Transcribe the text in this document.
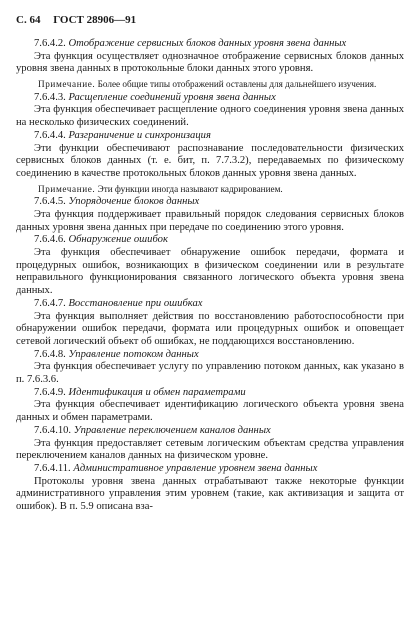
С. 64 ГОСТ 28906—91

7.6.4.2. Отображение сервисных блоков данных уровня звена данных

Эта функция осуществляет однозначное отображение сервисных блоков данных уровня звена данных в протокольные блоки данных этого уровня.

Примечание. Более общие типы отображений оставлены для дальнейшего изучения.

7.6.4.3. Расщепление соединений уровня звена данных

Эта функция обеспечивает расщепление одного соединения уровня звена данных на несколько физических соединений.

7.6.4.4. Разграничение и синхронизация

Эти функции обеспечивают распознавание последовательности физических сервисных блоков данных (т. е. бит, п. 7.7.3.2), передаваемых по физическому соединению в качестве протокольных блоков данных уровня звена данных.

Примечание. Эти функции иногда называют кадрированием.

7.6.4.5. Упорядочение блоков данных

Эта функция поддерживает правильный порядок следования сервисных блоков данных уровня звена данных при передаче по соединению этого уровня.

7.6.4.6. Обнаружение ошибок

Эта функция обеспечивает обнаружение ошибок передачи, формата и процедурных ошибок, возникающих в физическом соединении или в результате неправильного функционирования связанного логического объекта уровня звена данных.

7.6.4.7. Восстановление при ошибках

Эта функция выполняет действия по восстановлению работоспособности при обнаружении ошибок передачи, формата или процедурных ошибок и оповещает сетевой логический объект об ошибках, не поддающихся восстановлению.

7.6.4.8. Управление потоком данных

Эта функция обеспечивает услугу по управлению потоком данных, как указано в п. 7.6.3.6.

7.6.4.9. Идентификация и обмен параметрами

Эта функция обеспечивает идентификацию логического объекта уровня звена данных и обмен параметрами.

7.6.4.10. Управление переключением каналов данных

Эта функция предоставляет сетевым логическим объектам средства управления переключением каналов данных на физическом уровне.

7.6.4.11. Административное управление уровнем звена данных

Протоколы уровня звена данных отрабатывают также некоторые функции административного управления этим уровнем (такие, как активизация и защита от ошибок). В п. 5.9 описана вза-
